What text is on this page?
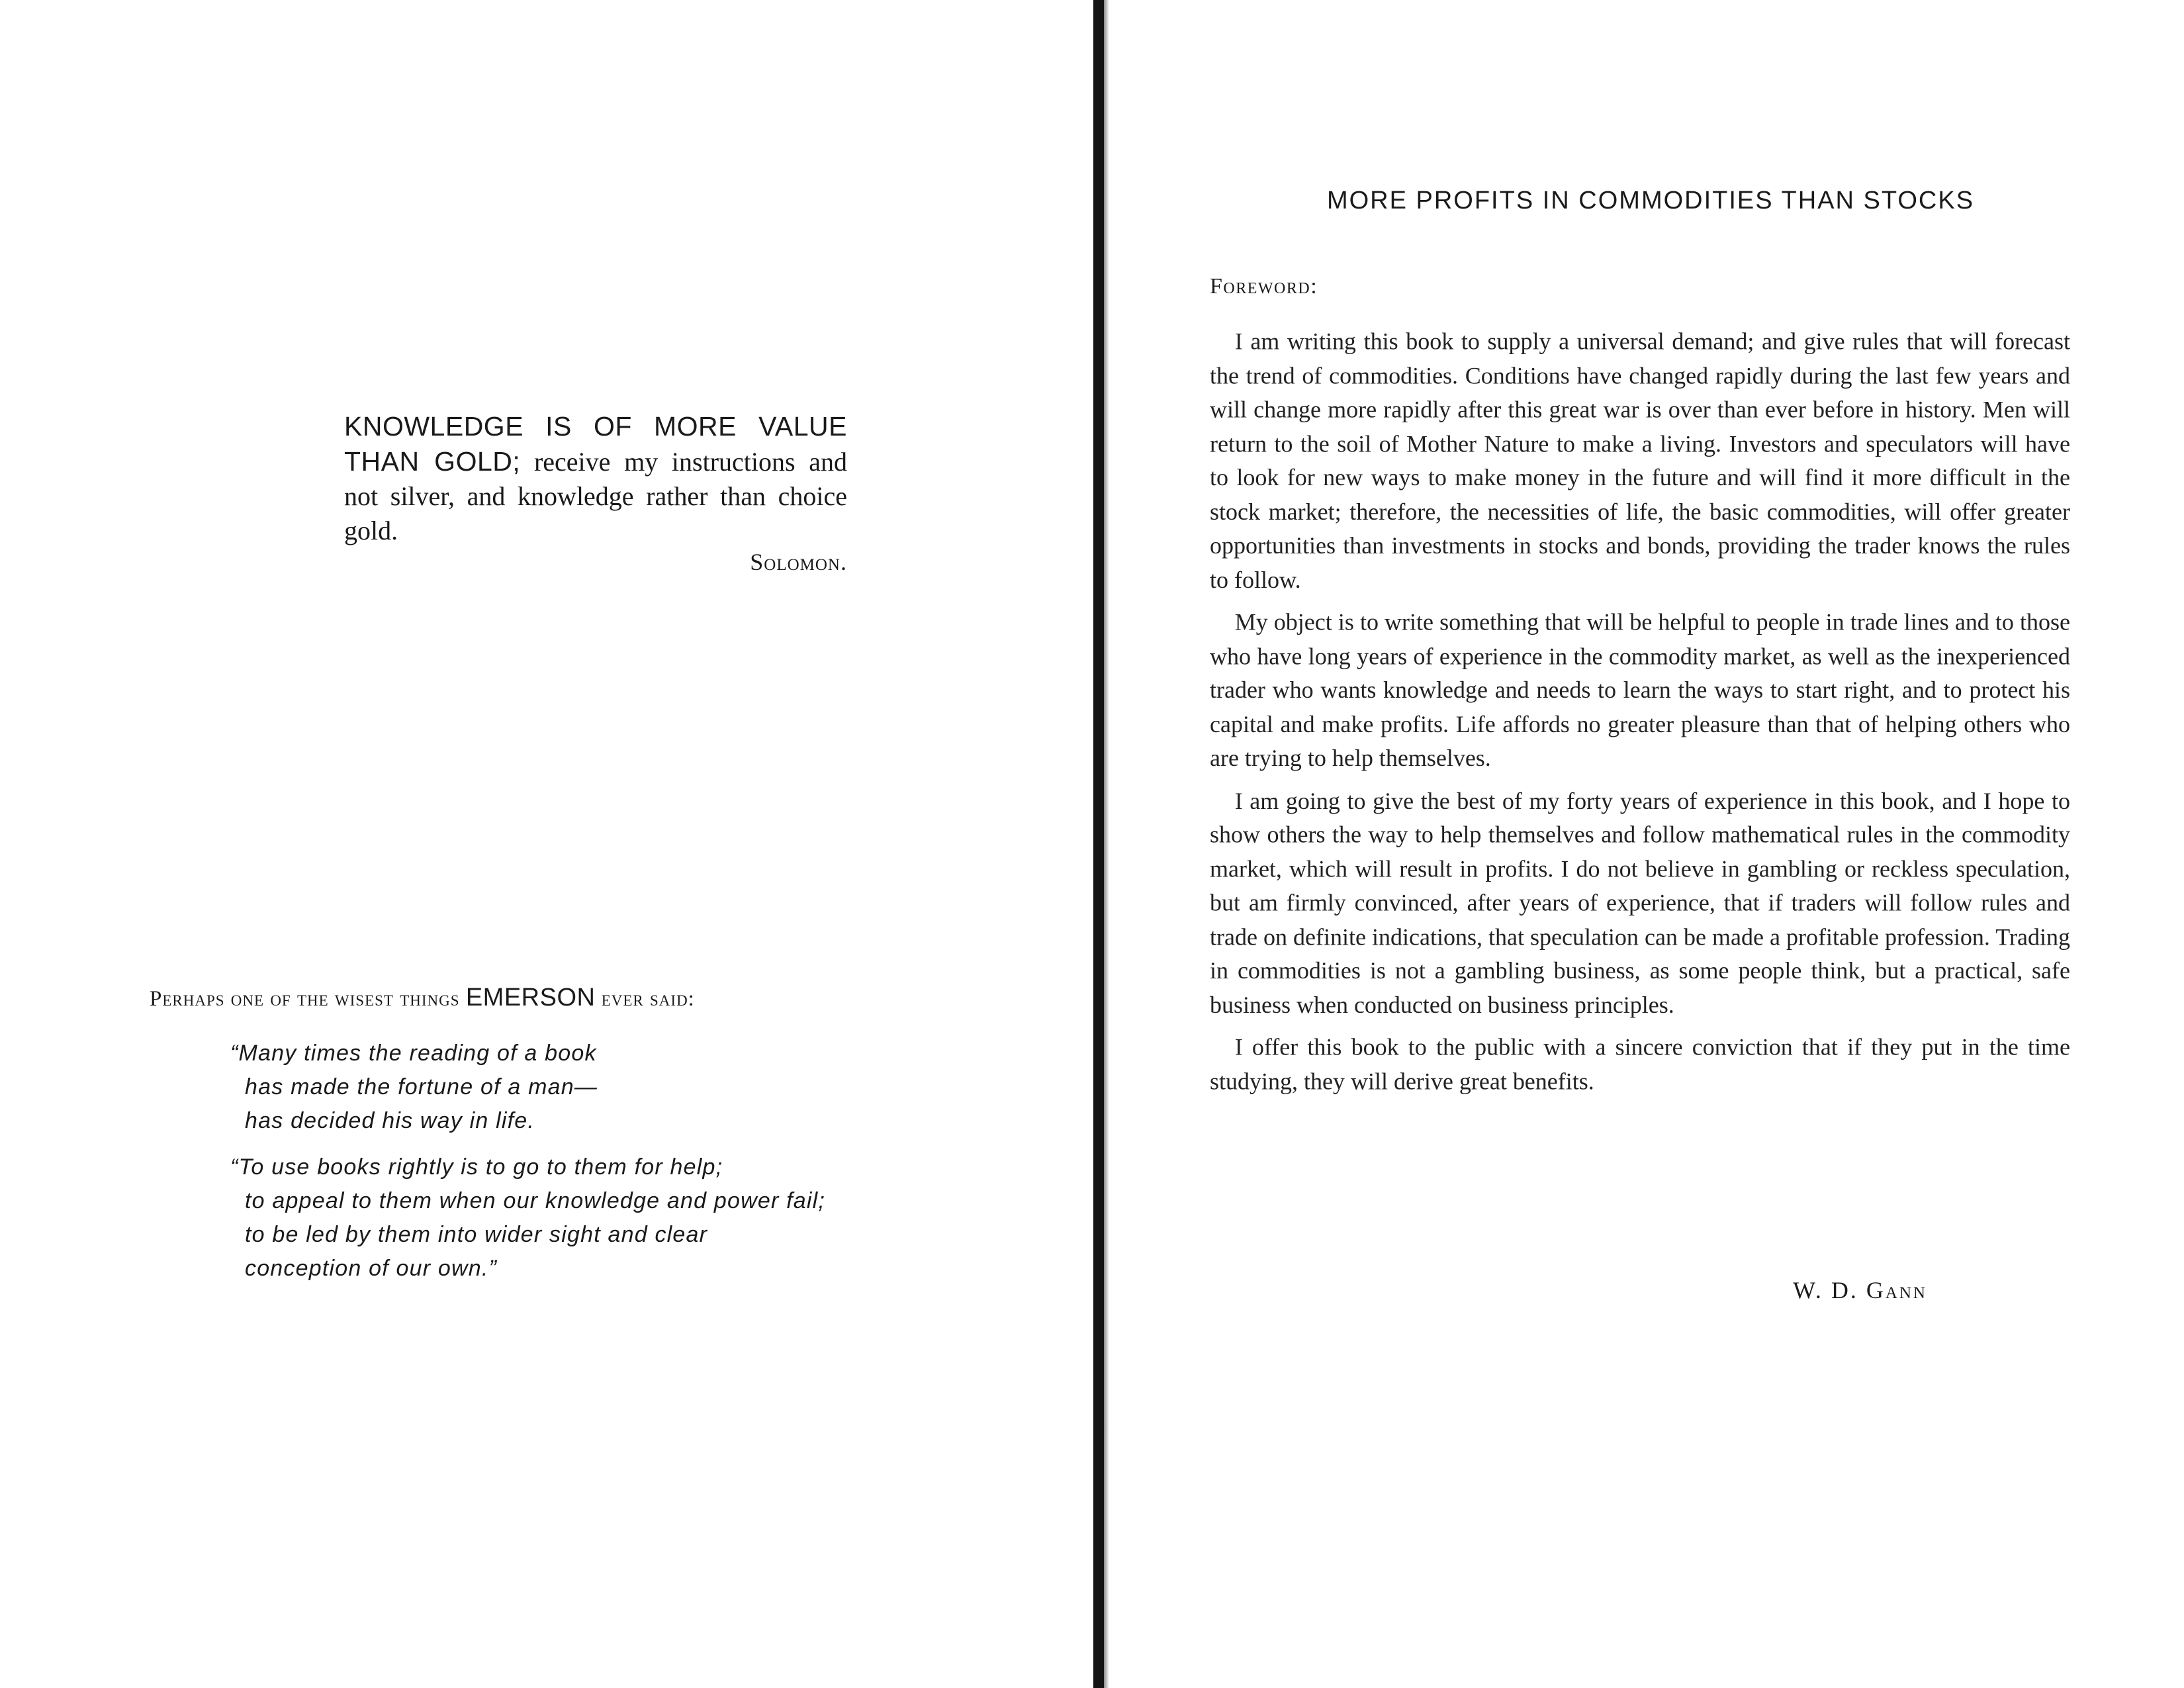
KNOWLEDGE IS OF MORE VALUE THAN GOLD; receive my instructions and not silver, and knowledge rather than choice gold.
Solomon.
Perhaps one of the wisest things EMERSON ever said:
“Many times the reading of a book
has made the fortune of a man—
has decided his way in life.
“To use books rightly is to go to them for help;
to appeal to them when our knowledge and power fail;
to be led by them into wider sight and clear
conception of our own.”
MORE PROFITS IN COMMODITIES THAN STOCKS
Foreword:

I am writing this book to supply a universal demand; and give rules that will forecast the trend of commodities. Conditions have changed rapidly during the last few years and will change more rapidly after this great war is over than ever before in history. Men will return to the soil of Mother Nature to make a living. Investors and speculators will have to look for new ways to make money in the future and will find it more difficult in the stock market; therefore, the necessities of life, the basic commodities, will offer greater opportunities than investments in stocks and bonds, providing the trader knows the rules to follow.

My object is to write something that will be helpful to people in trade lines and to those who have long years of experience in the commodity market, as well as the inexperienced trader who wants knowledge and needs to learn the ways to start right, and to protect his capital and make profits. Life affords no greater pleasure than that of helping others who are trying to help themselves.

I am going to give the best of my forty years of experience in this book, and I hope to show others the way to help themselves and follow mathematical rules in the commodity market, which will result in profits. I do not believe in gambling or reckless speculation, but am firmly convinced, after years of experience, that if traders will follow rules and trade on definite indications, that speculation can be made a profitable profession. Trading in commodities is not a gambling business, as some people think, but a practical, safe business when conducted on business principles.

I offer this book to the public with a sincere conviction that if they put in the time studying, they will derive great benefits.

W. D. Gann
